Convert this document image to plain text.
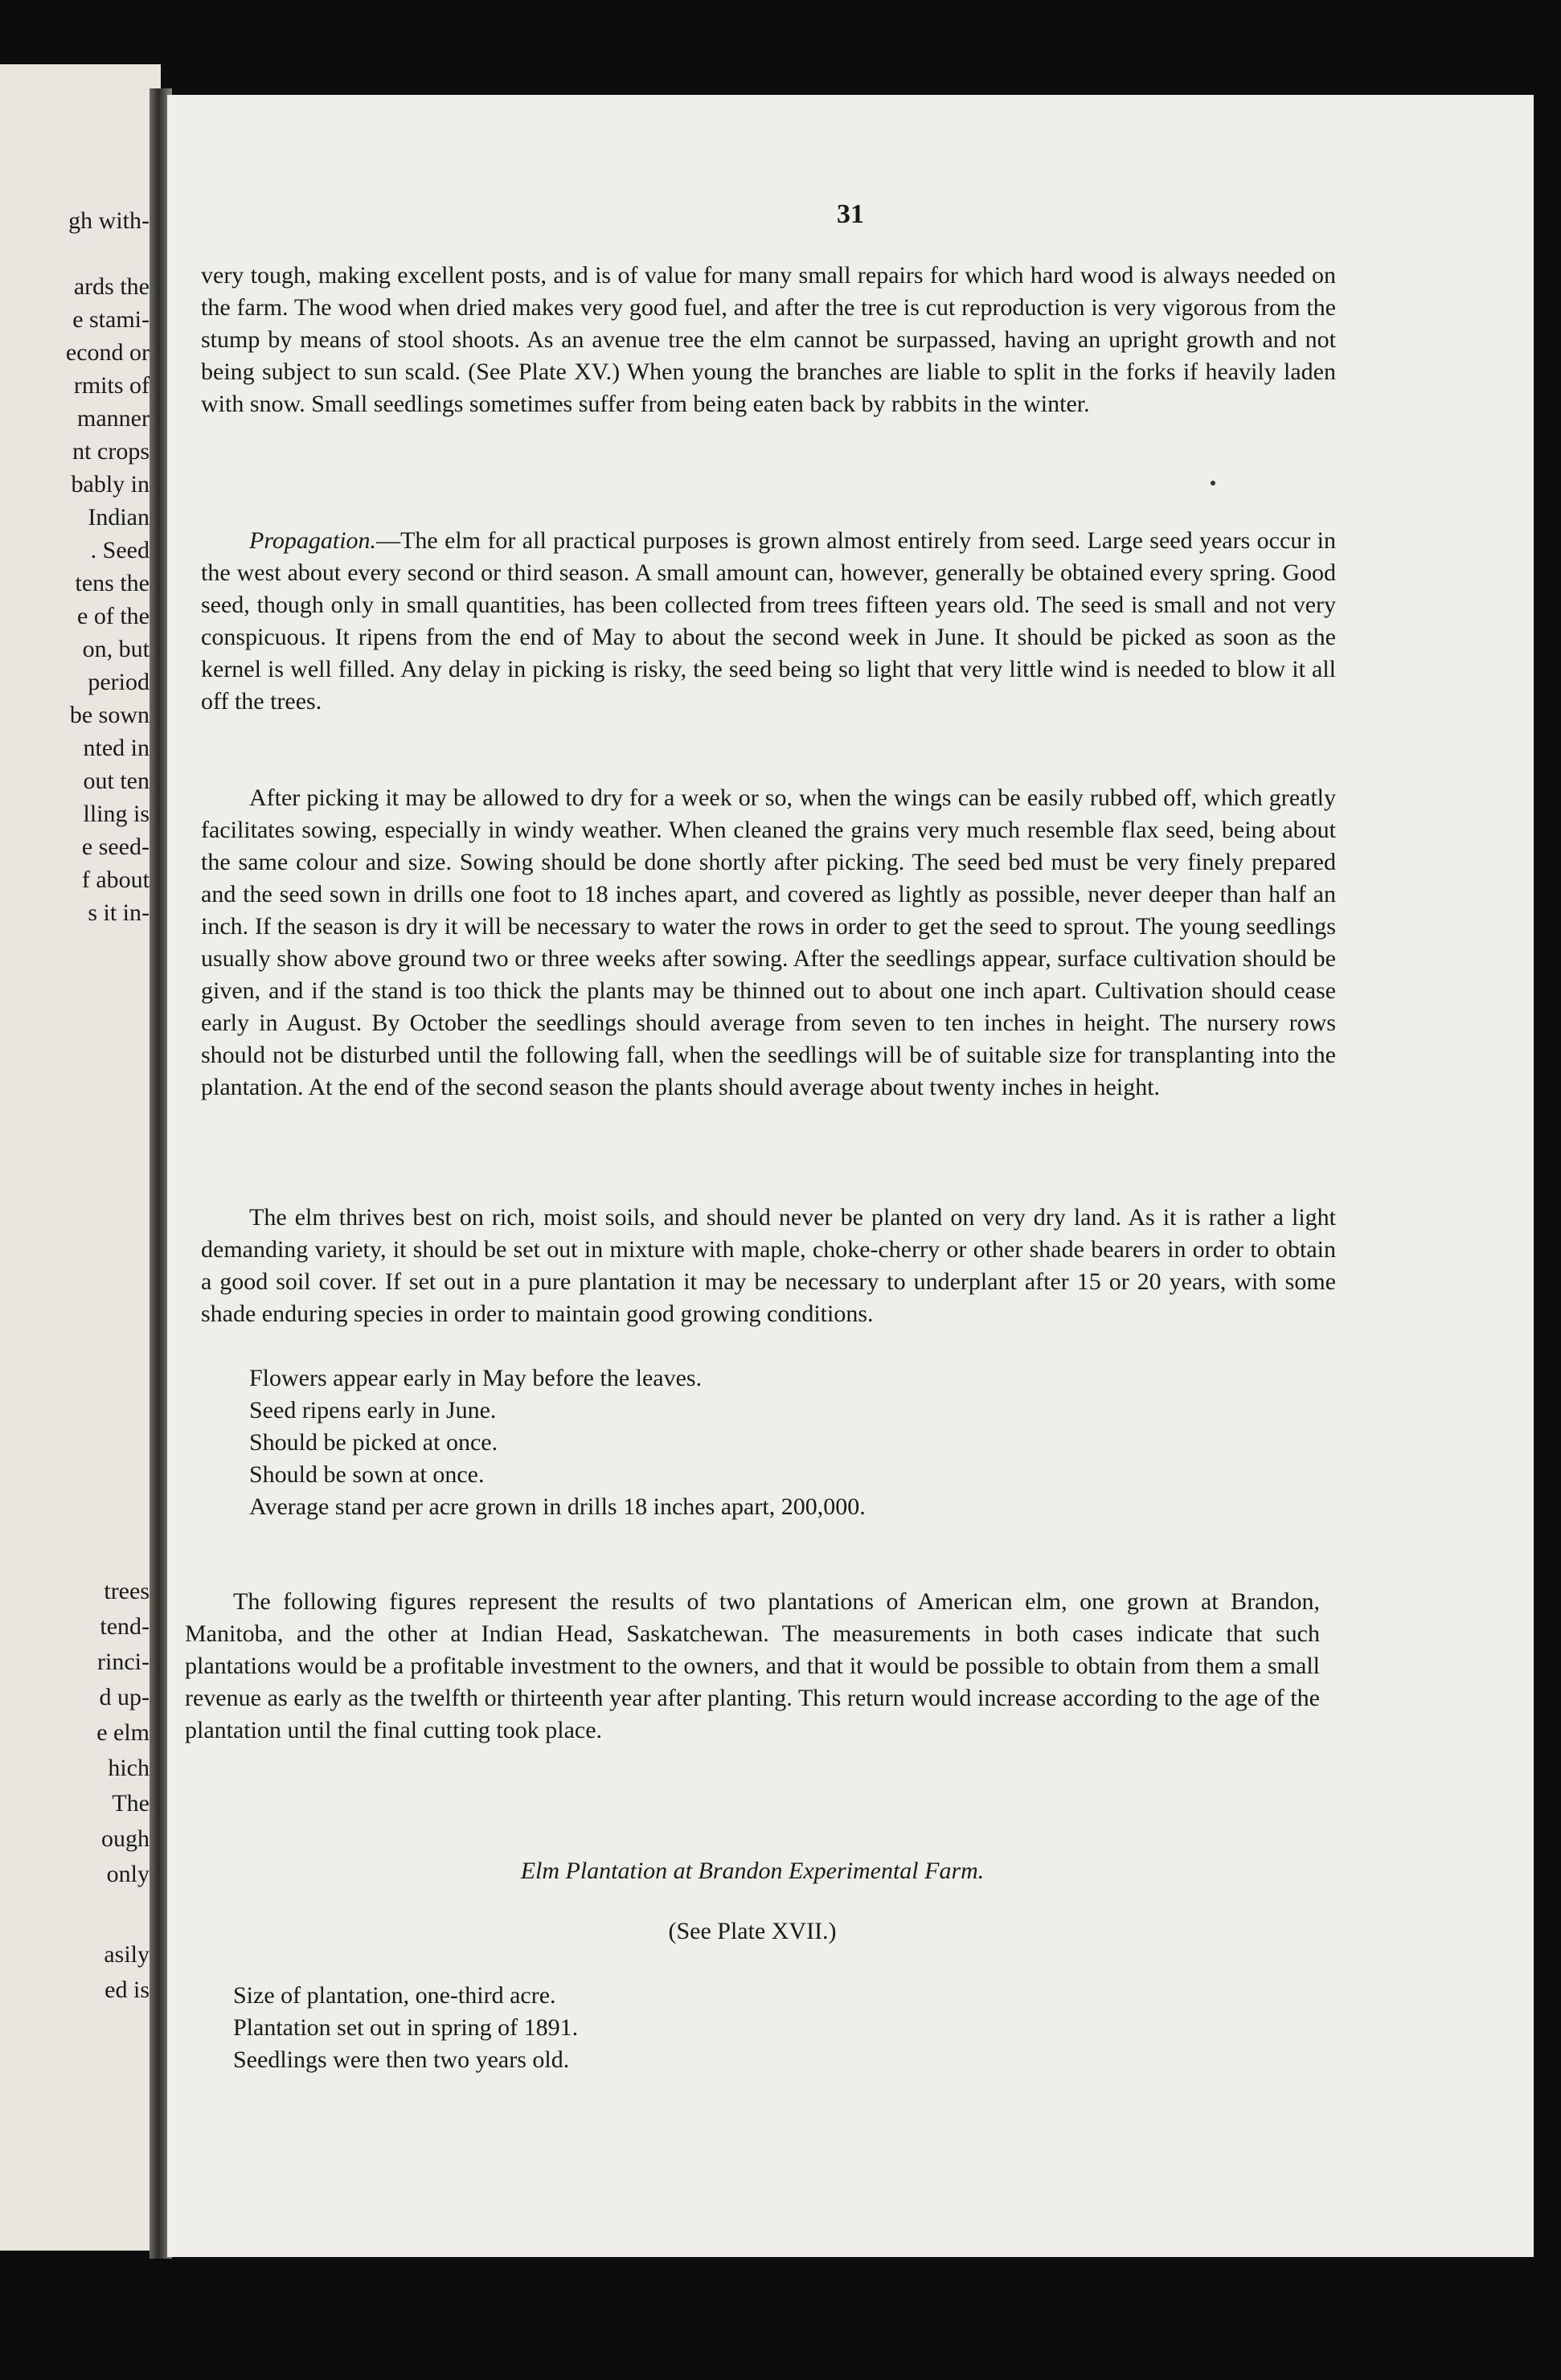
gh with-
ards the
e stami-
econd or
rmits of
manner
nt crops
bably in
Indian
. Seed
tens the
e of the
on, but
period
be sown
nted in
out ten
lling is
e seed-
f about
s it in-
trees
tend-
rinci-
d up-
e elm
hich
The
ough
only
asily
ed is
31

very tough, making excellent posts, and is of value for many small repairs for which hard wood is always needed on the farm. The wood when dried makes very good fuel, and after the tree is cut reproduction is very vigorous from the stump by means of stool shoots. As an avenue tree the elm cannot be surpassed, having an upright growth and not being subject to sun scald. (See Plate XV.) When young the branches are liable to split in the forks if heavily laden with snow. Small seedlings sometimes suffer from being eaten back by rabbits in the winter.

Propagation.—The elm for all practical purposes is grown almost entirely from seed. Large seed years occur in the west about every second or third season. A small amount can, however, generally be obtained every spring. Good seed, though only in small quantities, has been collected from trees fifteen years old. The seed is small and not very conspicuous. It ripens from the end of May to about the second week in June. It should be picked as soon as the kernel is well filled. Any delay in picking is risky, the seed being so light that very little wind is needed to blow it all off the trees.

After picking it may be allowed to dry for a week or so, when the wings can be easily rubbed off, which greatly facilitates sowing, especially in windy weather. When cleaned the grains very much resemble flax seed, being about the same colour and size. Sowing should be done shortly after picking. The seed bed must be very finely prepared and the seed sown in drills one foot to 18 inches apart, and covered as lightly as possible, never deeper than half an inch. If the season is dry it will be necessary to water the rows in order to get the seed to sprout. The young seedlings usually show above ground two or three weeks after sowing. After the seedlings appear, surface cultivation should be given, and if the stand is too thick the plants may be thinned out to about one inch apart. Cultivation should cease early in August. By October the seedlings should average from seven to ten inches in height. The nursery rows should not be disturbed until the following fall, when the seedlings will be of suitable size for transplanting into the plantation. At the end of the second season the plants should average about twenty inches in height.

The elm thrives best on rich, moist soils, and should never be planted on very dry land. As it is rather a light demanding variety, it should be set out in mixture with maple, choke-cherry or other shade bearers in order to obtain a good soil cover. If set out in a pure plantation it may be necessary to underplant after 15 or 20 years, with some shade enduring species in order to maintain good growing conditions.

Flowers appear early in May before the leaves.
Seed ripens early in June.
Should be picked at once.
Should be sown at once.
Average stand per acre grown in drills 18 inches apart, 200,000.

The following figures represent the results of two plantations of American elm, one grown at Brandon, Manitoba, and the other at Indian Head, Saskatchewan. The measurements in both cases indicate that such plantations would be a profitable investment to the owners, and that it would be possible to obtain from them a small revenue as early as the twelfth or thirteenth year after planting. This return would increase according to the age of the plantation until the final cutting took place.

Elm Plantation at Brandon Experimental Farm.
(See Plate XVII.)
Size of plantation, one-third acre.
Plantation set out in spring of 1891.
Seedlings were then two years old.
